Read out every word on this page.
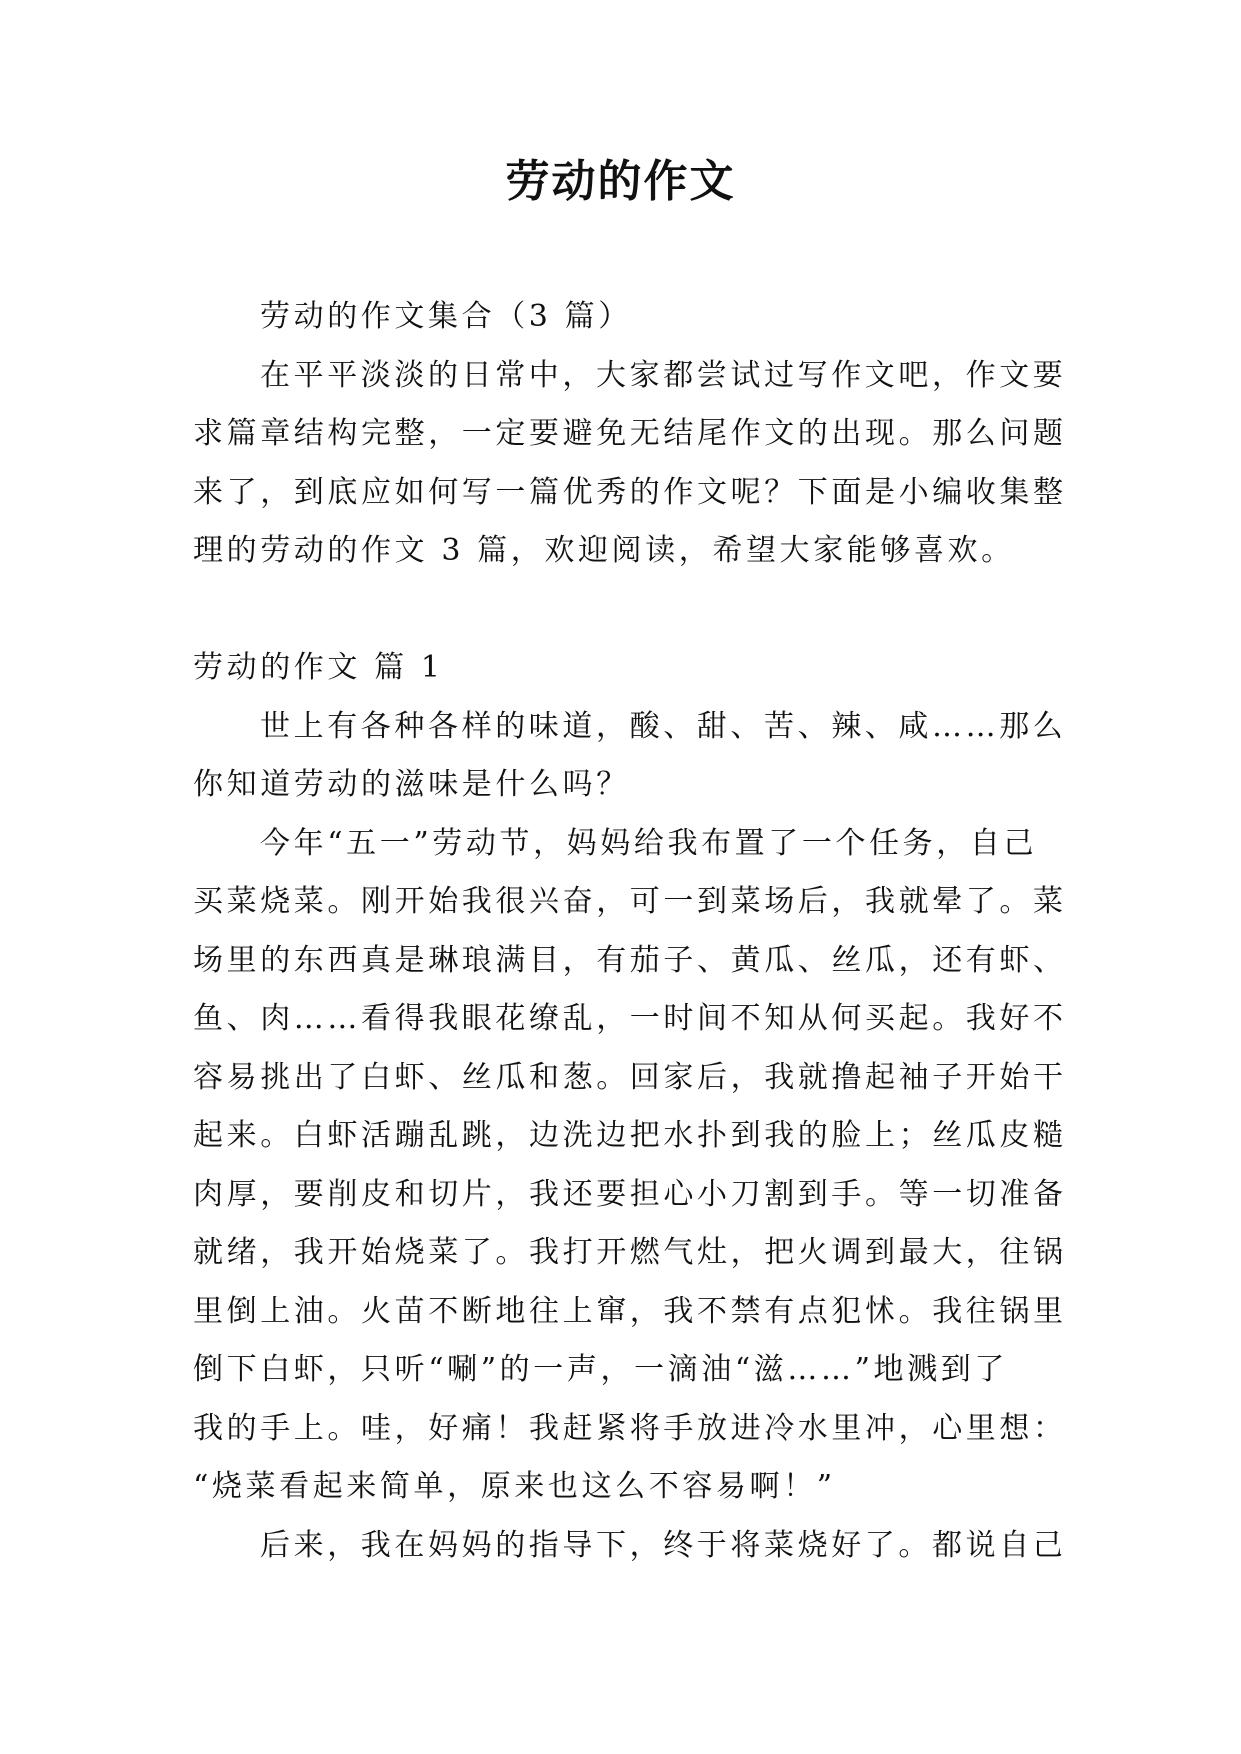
劳动的作文
劳动的作文集合（3 篇）
在平平淡淡的日常中，大家都尝试过写作文吧，作文要
求篇章结构完整，一定要避免无结尾作文的出现。那么问题
来了，到底应如何写一篇优秀的作文呢？下面是小编收集整
理的劳动的作文 3 篇，欢迎阅读，希望大家能够喜欢。
劳动的作文 篇 1
世上有各种各样的味道，酸、甜、苦、辣、咸……那么
你知道劳动的滋味是什么吗？
今年“五一”劳动节，妈妈给我布置了一个任务，自己
买菜烧菜。刚开始我很兴奋，可一到菜场后，我就晕了。菜
场里的东西真是琳琅满目，有茄子、黄瓜、丝瓜，还有虾、
鱼、肉……看得我眼花缭乱，一时间不知从何买起。我好不
容易挑出了白虾、丝瓜和葱。回家后，我就撸起袖子开始干
起来。白虾活蹦乱跳，边洗边把水扑到我的脸上；丝瓜皮糙
肉厚，要削皮和切片，我还要担心小刀割到手。等一切准备
就绪，我开始烧菜了。我打开燃气灶，把火调到最大，往锅
里倒上油。火苗不断地往上窜，我不禁有点犯怵。我往锅里
倒下白虾，只听“唰”的一声，一滴油“滋……”地溅到了
我的手上。哇，好痛！我赶紧将手放进冷水里冲，心里想：
“烧菜看起来简单，原来也这么不容易啊！”
后来，我在妈妈的指导下，终于将菜烧好了。都说自己
